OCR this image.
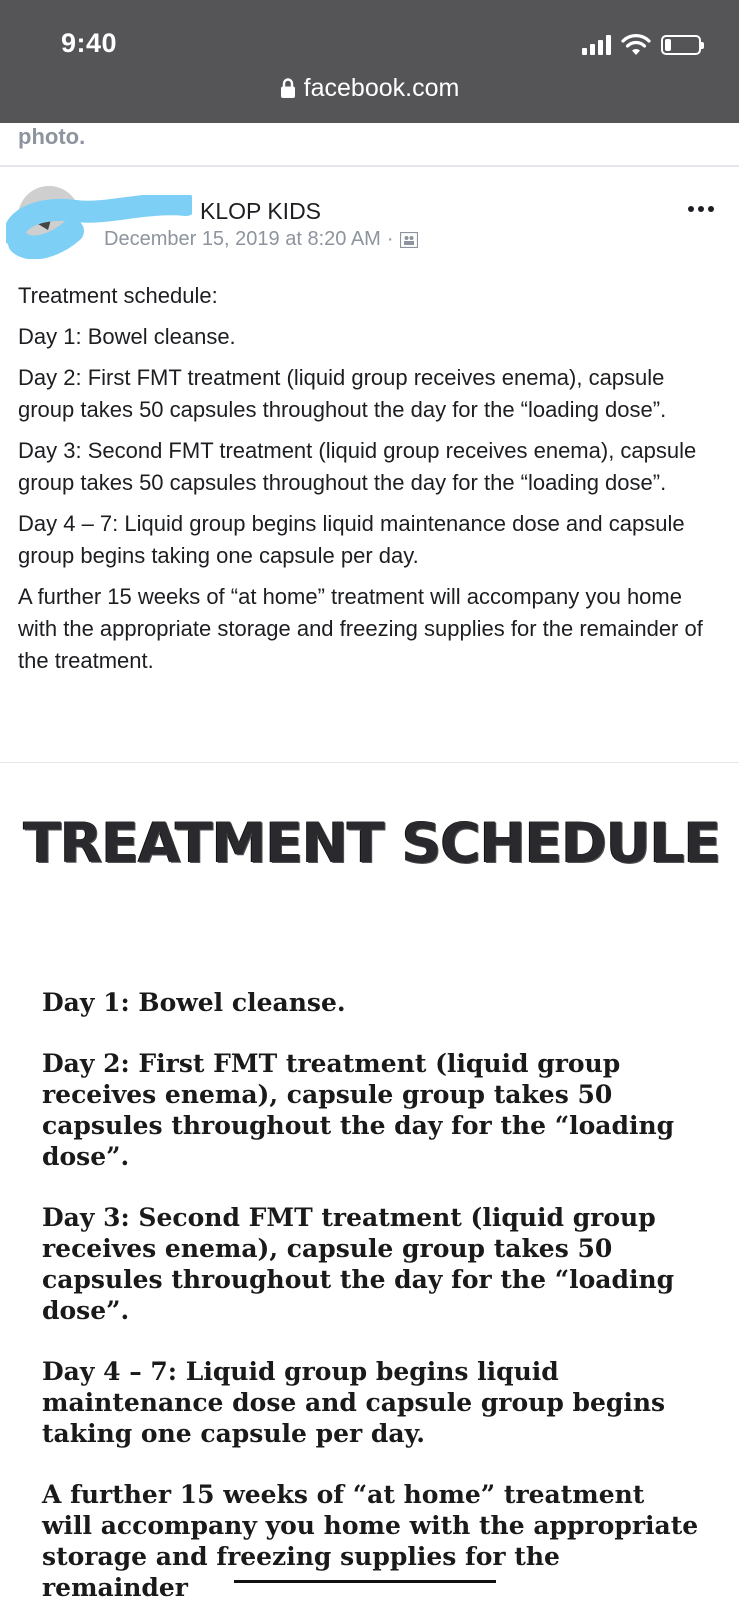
9:40
facebook.com
photo.
KLOP KIDS
December 15, 2019 at 8:20 AM ·

Treatment schedule:

Day 1: Bowel cleanse.

Day 2: First FMT treatment (liquid group receives enema), capsule group takes 50 capsules throughout the day for the “loading dose”.

Day 3: Second FMT treatment (liquid group receives enema), capsule group takes 50 capsules throughout the day for the “loading dose”.

Day 4 – 7: Liquid group begins liquid maintenance dose and capsule group begins taking one capsule per day.

A further 15 weeks of “at home” treatment will accompany you home with the appropriate storage and freezing supplies for the remainder of the treatment.

TREATMENT SCHEDULE

Day 1: Bowel cleanse.

Day 2: First FMT treatment (liquid group receives enema), capsule group takes 50 capsules throughout the day for the “loading dose”.

Day 3: Second FMT treatment (liquid group receives enema), capsule group takes 50 capsules throughout the day for the “loading dose”.

Day 4 – 7: Liquid group begins liquid maintenance dose and capsule group begins taking one capsule per day.

A further 15 weeks of “at home” treatment will accompany you home with the appropriate storage and freezing supplies for the remainder
